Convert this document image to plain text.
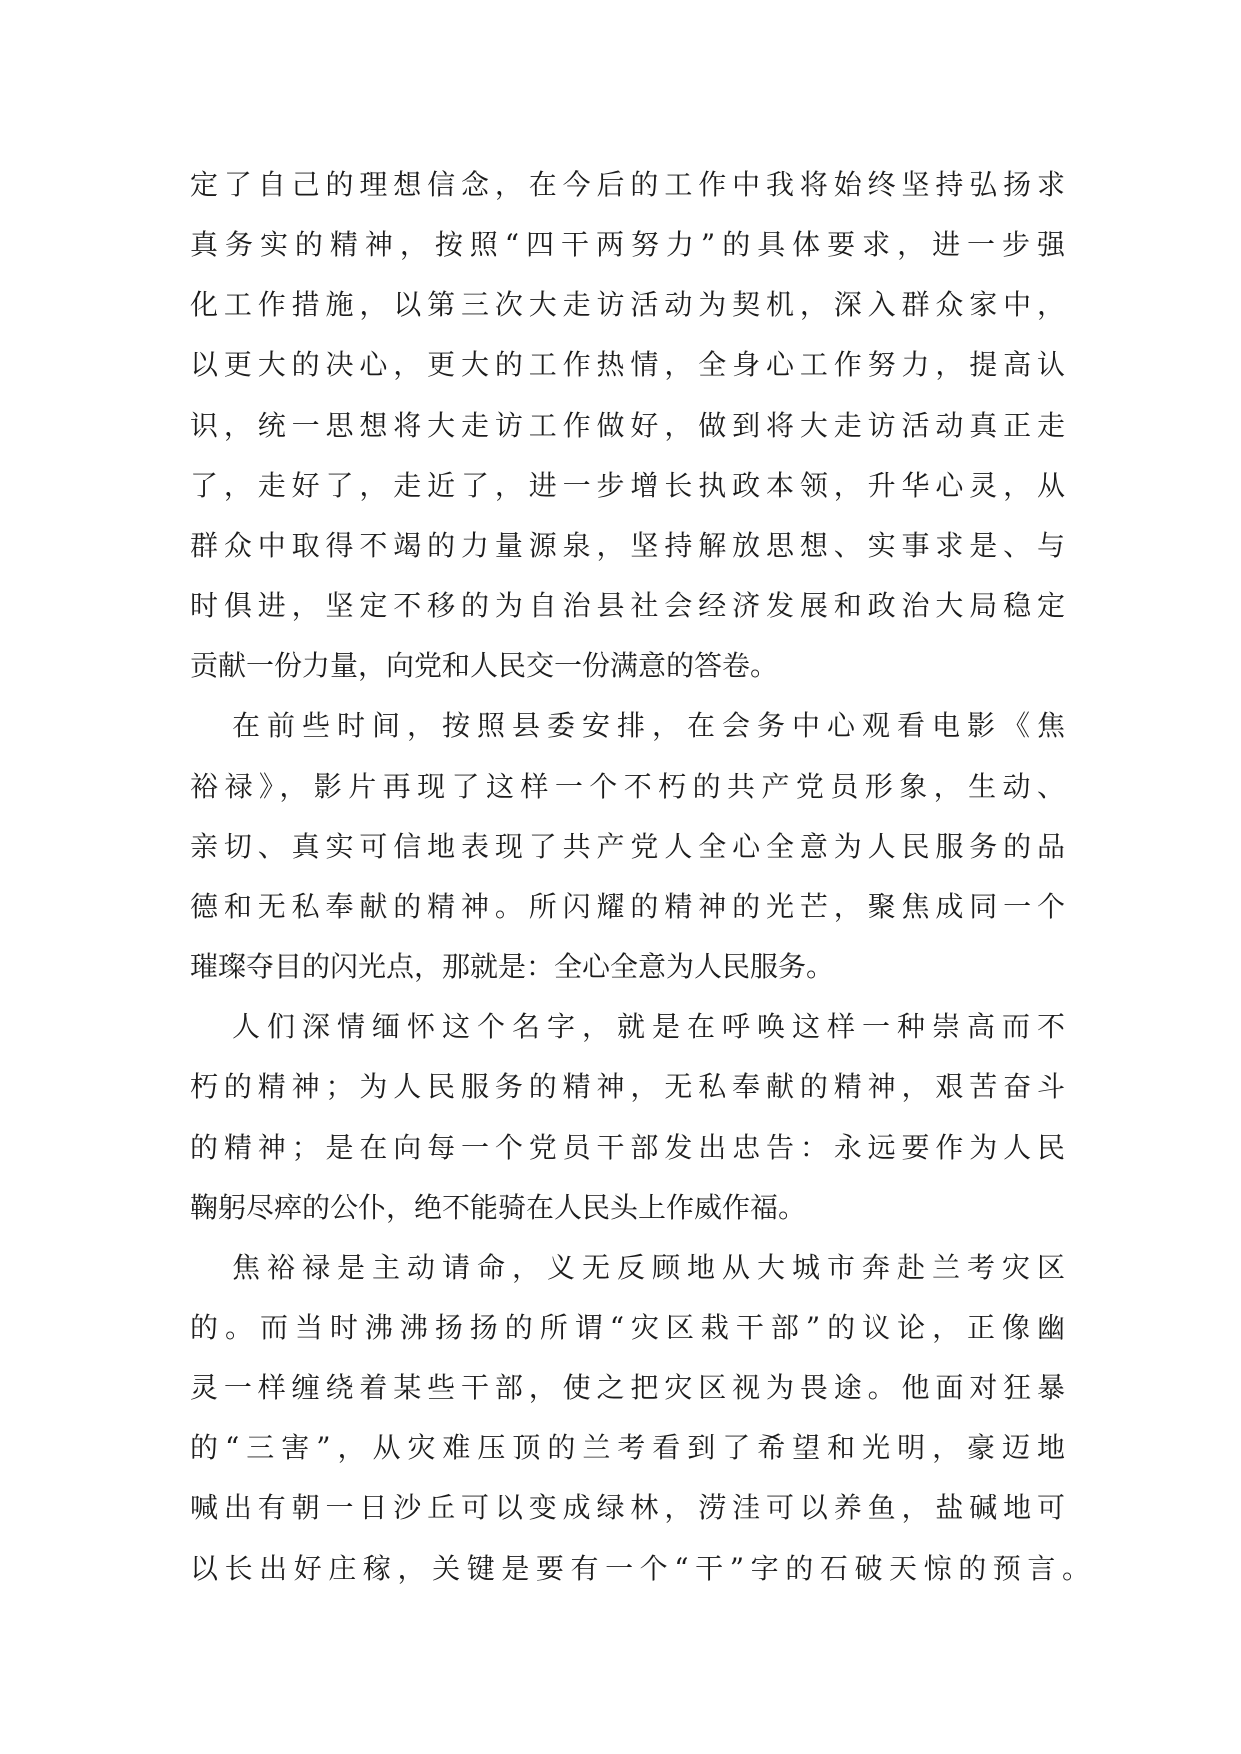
定了自己的理想信念，在今后的工作中我将始终坚持弘扬求
真务实的精神，按照“四干两努力”的具体要求，进一步强
化工作措施，以第三次大走访活动为契机，深入群众家中，
以更大的决心，更大的工作热情，全身心工作努力，提高认
识，统一思想将大走访工作做好，做到将大走访活动真正走
了，走好了，走近了，进一步增长执政本领，升华心灵，从
群众中取得不竭的力量源泉，坚持解放思想、实事求是、与
时俱进，坚定不移的为自治县社会经济发展和政治大局稳定
贡献一份力量，向党和人民交一份满意的答卷。
在前些时间，按照县委安排，在会务中心观看电影《焦
裕禄》，影片再现了这样一个不朽的共产党员形象，生动、
亲切、真实可信地表现了共产党人全心全意为人民服务的品
德和无私奉献的精神。所闪耀的精神的光芒，聚焦成同一个
璀璨夺目的闪光点，那就是：全心全意为人民服务。
人们深情缅怀这个名字，就是在呼唤这样一种崇高而不
朽的精神；为人民服务的精神，无私奉献的精神，艰苦奋斗
的精神；是在向每一个党员干部发出忠告：永远要作为人民
鞠躬尽瘁的公仆，绝不能骑在人民头上作威作福。
焦裕禄是主动请命，义无反顾地从大城市奔赴兰考灾区
的。而当时沸沸扬扬的所谓“灾区栽干部”的议论，正像幽
灵一样缠绕着某些干部，使之把灾区视为畏途。他面对狂暴
的“三害”，从灾难压顶的兰考看到了希望和光明，豪迈地
喊出有朝一日沙丘可以变成绿林，涝洼可以养鱼，盐碱地可
以长出好庄稼，关键是要有一个“干”字的石破天惊的预言。
